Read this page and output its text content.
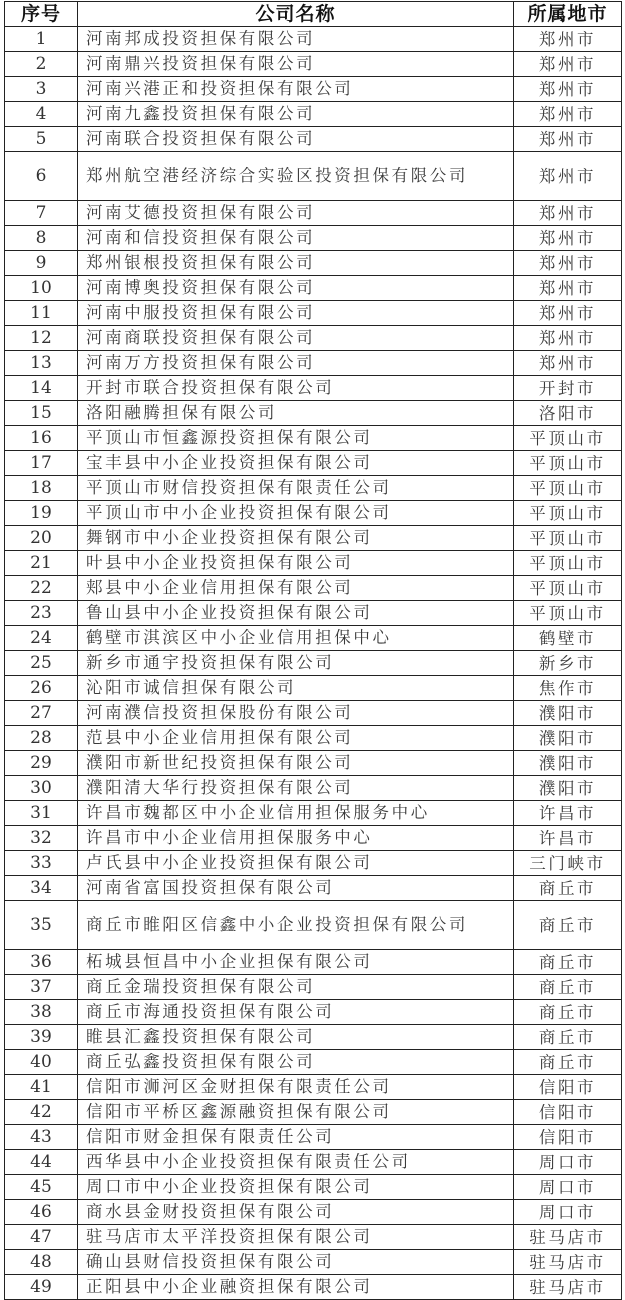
序号	公司名称	所属地市
1	河南邦成投资担保有限公司	郑州市
2	河南鼎兴投资担保有限公司	郑州市
3	河南兴港正和投资担保有限公司	郑州市
4	河南九鑫投资担保有限公司	郑州市
5	河南联合投资担保有限公司	郑州市
6	郑州航空港经济综合实验区投资担保有限公司	郑州市
7	河南艾德投资担保有限公司	郑州市
8	河南和信投资担保有限公司	郑州市
9	郑州银根投资担保有限公司	郑州市
10	河南博奥投资担保有限公司	郑州市
11	河南中服投资担保有限公司	郑州市
12	河南商联投资担保有限公司	郑州市
13	河南万方投资担保有限公司	郑州市
14	开封市联合投资担保有限公司	开封市
15	洛阳融腾担保有限公司	洛阳市
16	平顶山市恒鑫源投资担保有限公司	平顶山市
17	宝丰县中小企业投资担保有限公司	平顶山市
18	平顶山市财信投资担保有限责任公司	平顶山市
19	平顶山市中小企业投资担保有限公司	平顶山市
20	舞钢市中小企业投资担保有限公司	平顶山市
21	叶县中小企业投资担保有限公司	平顶山市
22	郏县中小企业信用担保有限公司	平顶山市
23	鲁山县中小企业投资担保有限公司	平顶山市
24	鹤壁市淇滨区中小企业信用担保中心	鹤壁市
25	新乡市通宇投资担保有限公司	新乡市
26	沁阳市诚信担保有限公司	焦作市
27	河南濮信投资担保股份有限公司	濮阳市
28	范县中小企业信用担保有限公司	濮阳市
29	濮阳市新世纪投资担保有限公司	濮阳市
30	濮阳清大华行投资担保有限公司	濮阳市
31	许昌市魏都区中小企业信用担保服务中心	许昌市
32	许昌市中小企业信用担保服务中心	许昌市
33	卢氏县中小企业投资担保有限公司	三门峡市
34	河南省富国投资担保有限公司	商丘市
35	商丘市睢阳区信鑫中小企业投资担保有限公司	商丘市
36	柘城县恒昌中小企业担保有限公司	商丘市
37	商丘金瑞投资担保有限公司	商丘市
38	商丘市海通投资担保有限公司	商丘市
39	睢县汇鑫投资担保有限公司	商丘市
40	商丘弘鑫投资担保有限公司	商丘市
41	信阳市浉河区金财担保有限责任公司	信阳市
42	信阳市平桥区鑫源融资担保有限公司	信阳市
43	信阳市财金担保有限责任公司	信阳市
44	西华县中小企业投资担保有限责任公司	周口市
45	周口市中小企业投资担保有限公司	周口市
46	商水县金财投资担保有限公司	周口市
47	驻马店市太平洋投资担保有限公司	驻马店市
48	确山县财信投资担保有限公司	驻马店市
49	正阳县中小企业融资担保有限公司	驻马店市
